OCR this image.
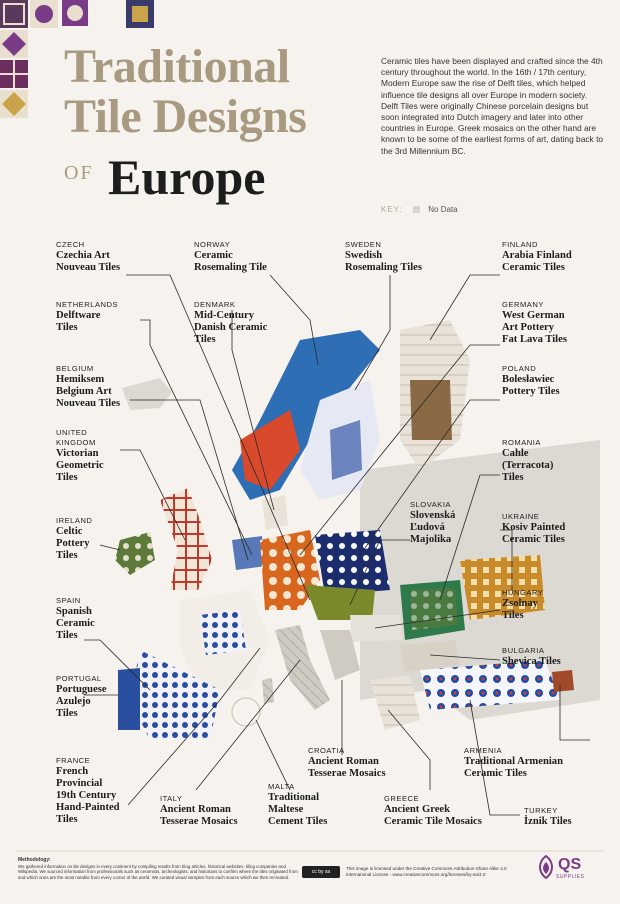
Traditional
Tile Designs
OF Europe
Ceramic tiles have been displayed and crafted since the 4th century throughout the world. In the 16th / 17th century, Modern Europe saw the rise of Delft tiles, which helped influence tile designs all over Europe in modern society. Delft Tiles were originally Chinese porcelain designs but soon integrated into Dutch imagery and later into other countries in Europe. Greek mosaics on the other hand are known to be some of the earliest forms of art, dating back to the 3rd Millennium BC.
KEY:	No Data
CZECH
Czechia Art
Nouveau Tiles
NORWAY
Ceramic
Rosemaling Tile
SWEDEN
Swedish
Rosemaling Tiles
FINLAND
Arabia Finland
Ceramic Tiles
NETHERLANDS
Delftware
Tiles
DENMARK
Mid-Century
Danish Ceramic
Tiles
GERMANY
West German
Art Pottery
Fat Lava Tiles
BELGIUM
Hemiksem
Belgium Art
Nouveau Tiles
POLAND
Bolesławiec
Pottery Tiles
UNITED
KINGDOM
Victorian
Geometric
Tiles
ROMANIA
Cahle
(Terracota)
Tiles
SLOVAKIA
Slovenská
Ľudová
Majolika
IRELAND
Celtic
Pottery
Tiles
UKRAINE
Kosiv Painted
Ceramic Tiles
HUNGARY
Zsolnay
Tiles
SPAIN
Spanish
Ceramic
Tiles
BULGARIA
Shevica Tiles
PORTUGAL
Portuguese
Azulejo
Tiles
ARMENIA
Traditional Armenian
Ceramic Tiles
CROATIA
Ancient Roman
Tesserae Mosaics
FRANCE
French
Provincial
19th Century
Hand-Painted
Tiles
ITALY
Ancient Roman
Tesserae Mosaics
MALTA
Traditional
Maltese
Cement Tiles
GREECE
Ancient Greek
Ceramic Tile Mosaics
TURKEY
İznik Tiles
Methodology:
We gathered information on tile designs in every continent by compiling results from blog articles, historical websites, tiling companies and Wikipedia. We sourced information from professionals such as ceramists, archeologists, and historians to confirm where the tiles originated from and which ones are the most notable from every corner of the world. We curated visual samples from each source which we then recreated.
cc by sa
This image is licensed under the Creative Commons Attribution-Share Alike 4.0 International License - www.creativecommons.org/licenses/by-sa/4.0
QS
SUPPLIES
